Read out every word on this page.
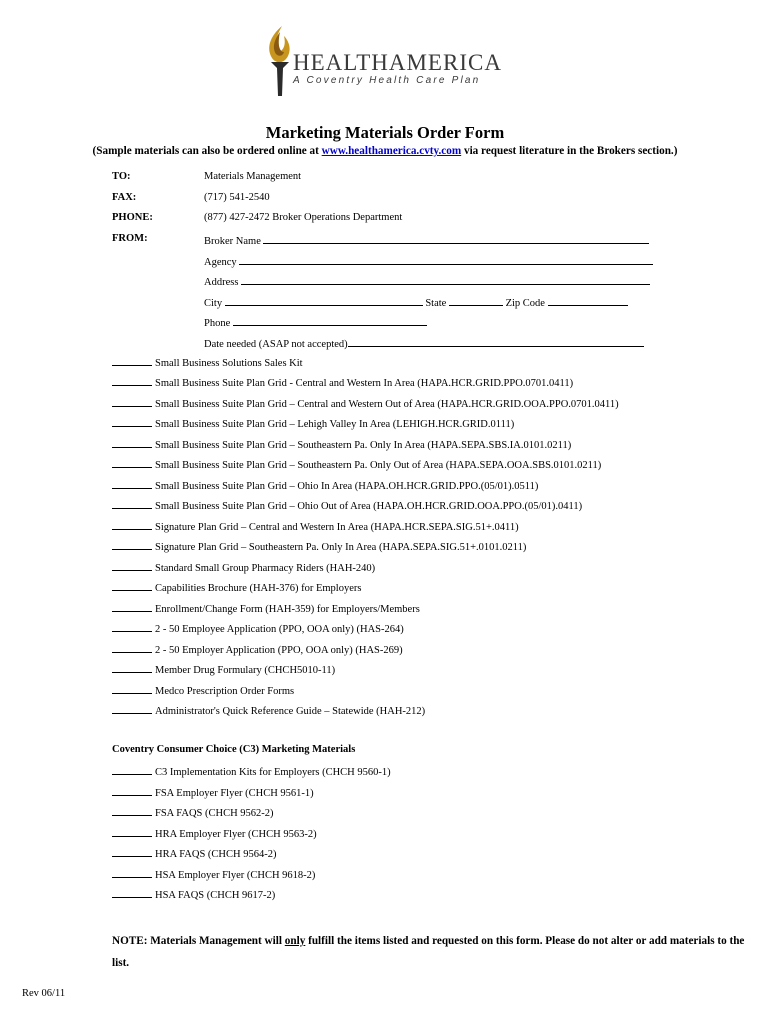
HEALTHAMERICA
A Coventry Health Care Plan
Marketing Materials Order Form
(Sample materials can also be ordered online at www.healthamerica.cvty.com via request literature in the Brokers section.)
TO:	Materials Management
FAX:	(717) 541-2540
PHONE:	(877) 427-2472 Broker Operations Department
FROM:	Broker Name
Agency
Address
City	State	Zip Code
Phone
Date needed (ASAP not accepted)
Small Business Solutions Sales Kit
Small Business Suite Plan Grid - Central and Western In Area (HAPA.HCR.GRID.PPO.0701.0411)
Small Business Suite Plan Grid – Central and Western Out of Area (HAPA.HCR.GRID.OOA.PPO.0701.0411)
Small Business Suite Plan Grid – Lehigh Valley In Area (LEHIGH.HCR.GRID.0111)
Small Business Suite Plan Grid – Southeastern Pa. Only In Area (HAPA.SEPA.SBS.IA.0101.0211)
Small Business Suite Plan Grid – Southeastern Pa. Only Out of Area (HAPA.SEPA.OOA.SBS.0101.0211)
Small Business Suite Plan Grid – Ohio In Area (HAPA.OH.HCR.GRID.PPO.(05/01).0511)
Small Business Suite Plan Grid – Ohio Out of Area (HAPA.OH.HCR.GRID.OOA.PPO.(05/01).0411)
Signature Plan Grid – Central and Western In Area (HAPA.HCR.SEPA.SIG.51+.0411)
Signature Plan Grid – Southeastern Pa. Only In Area (HAPA.SEPA.SIG.51+.0101.0211)
Standard Small Group Pharmacy Riders (HAH-240)
Capabilities Brochure (HAH-376) for Employers
Enrollment/Change Form (HAH-359) for Employers/Members
2 - 50 Employee Application (PPO, OOA only) (HAS-264)
2 - 50 Employer Application (PPO, OOA only) (HAS-269)
Member Drug Formulary (CHCH5010-11)
Medco Prescription Order Forms
Administrator's Quick Reference Guide – Statewide (HAH-212)
Coventry Consumer Choice (C3) Marketing Materials
C3 Implementation Kits for Employers (CHCH 9560-1)
FSA Employer Flyer (CHCH 9561-1)
FSA FAQS (CHCH 9562-2)
HRA Employer Flyer (CHCH 9563-2)
HRA FAQS (CHCH 9564-2)
HSA Employer Flyer (CHCH 9618-2)
HSA FAQS (CHCH 9617-2)
NOTE: Materials Management will only fulfill the items listed and requested on this form. Please do not alter or add materials to the list.
Rev 06/11
